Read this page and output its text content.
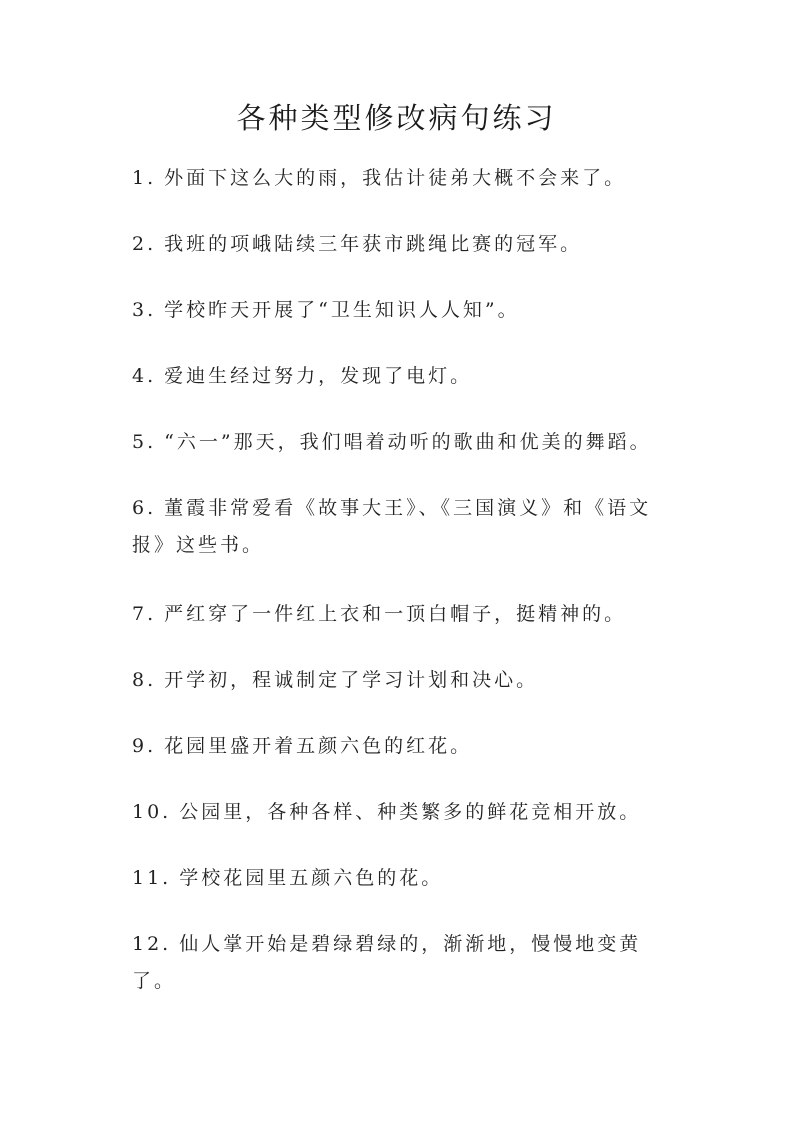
各种类型修改病句练习

1. 外面下这么大的雨，我估计徒弟大概不会来了。

2. 我班的项峨陆续三年获市跳绳比赛的冠军。

3. 学校昨天开展了“卫生知识人人知”。

4. 爱迪生经过努力，发现了电灯。

5. “六一”那天，我们唱着动听的歌曲和优美的舞蹈。

6. 董霞非常爱看《故事大王》、《三国演义》和《语文报》这些书。

7. 严红穿了一件红上衣和一顶白帽子，挺精神的。

8. 开学初，程诚制定了学习计划和决心。

9. 花园里盛开着五颜六色的红花。

10. 公园里，各种各样、种类繁多的鲜花竞相开放。

11. 学校花园里五颜六色的花。

12. 仙人掌开始是碧绿碧绿的，渐渐地，慢慢地变黄了。
